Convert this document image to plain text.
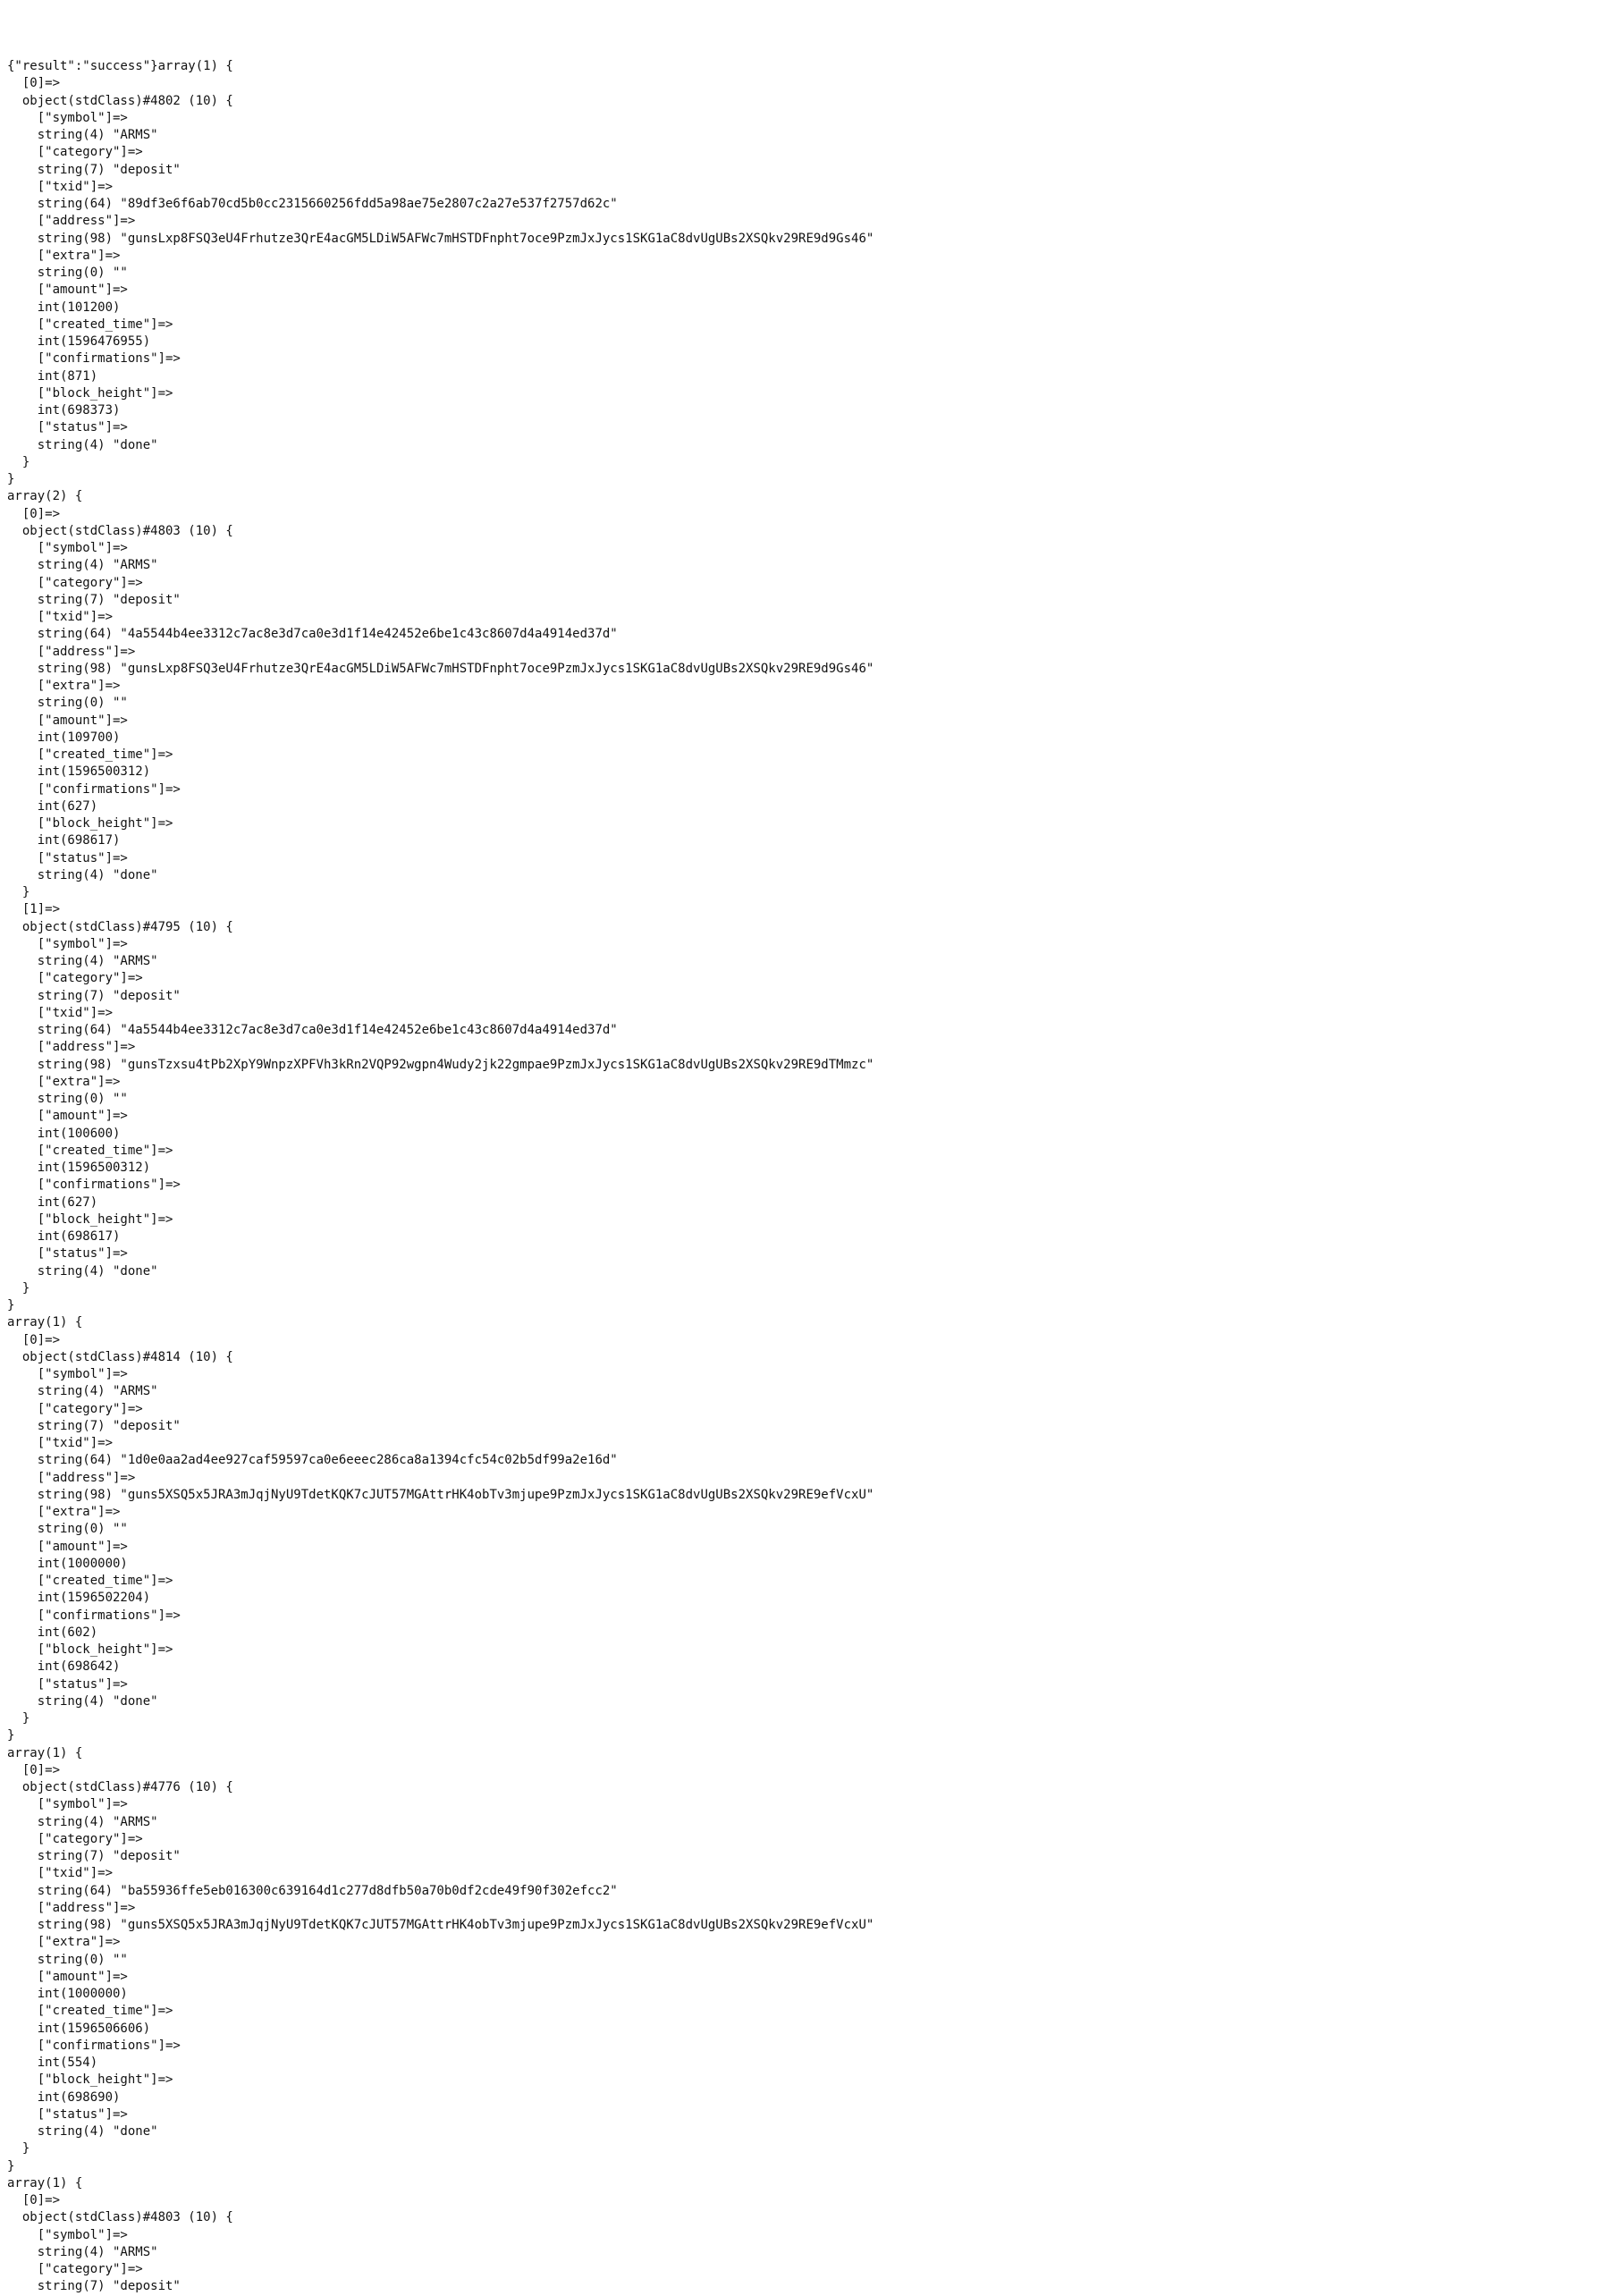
{"result":"success"}array(1) {
[0]=>
object(stdClass)#4802 (10) {
["symbol"]=>
string(4) "ARMS"
["category"]=>
string(7) "deposit"
["txid"]=>
string(64) "89df3e6f6ab70cd5b0cc2315660256fdd5a98ae75e2807c2a27e537f2757d62c"
["address"]=>
string(98) "gunsLxp8FSQ3eU4Frhutze3QrE4acGM5LDiW5AFWc7mHSTDFnpht7oce9PzmJxJycs1SKG1aC8dvUgUBs2XSQkv29RE9d9Gs46"
["extra"]=>
string(0) ""
["amount"]=>
int(101200)
["created_time"]=>
int(1596476955)
["confirmations"]=>
int(871)
["block_height"]=>
int(698373)
["status"]=>
string(4) "done"
}
}
array(2) {
[0]=>
object(stdClass)#4803 (10) {
["symbol"]=>
string(4) "ARMS"
["category"]=>
string(7) "deposit"
["txid"]=>
string(64) "4a5544b4ee3312c7ac8e3d7ca0e3d1f14e42452e6be1c43c8607d4a4914ed37d"
["address"]=>
string(98) "gunsLxp8FSQ3eU4Frhutze3QrE4acGM5LDiW5AFWc7mHSTDFnpht7oce9PzmJxJycs1SKG1aC8dvUgUBs2XSQkv29RE9d9Gs46"
["extra"]=>
string(0) ""
["amount"]=>
int(109700)
["created_time"]=>
int(1596500312)
["confirmations"]=>
int(627)
["block_height"]=>
int(698617)
["status"]=>
string(4) "done"
}
[1]=>
object(stdClass)#4795 (10) {
["symbol"]=>
string(4) "ARMS"
["category"]=>
string(7) "deposit"
["txid"]=>
string(64) "4a5544b4ee3312c7ac8e3d7ca0e3d1f14e42452e6be1c43c8607d4a4914ed37d"
["address"]=>
string(98) "gunsTzxsu4tPb2XpY9WnpzXPFVh3kRn2VQP92wgpn4Wudy2jk22gmpae9PzmJxJycs1SKG1aC8dvUgUBs2XSQkv29RE9dTMmzc"
["extra"]=>
string(0) ""
["amount"]=>
int(100600)
["created_time"]=>
int(1596500312)
["confirmations"]=>
int(627)
["block_height"]=>
int(698617)
["status"]=>
string(4) "done"
}
}
array(1) {
[0]=>
object(stdClass)#4814 (10) {
["symbol"]=>
string(4) "ARMS"
["category"]=>
string(7) "deposit"
["txid"]=>
string(64) "1d0e0aa2ad4ee927caf59597ca0e6eeec286ca8a1394cfc54c02b5df99a2e16d"
["address"]=>
string(98) "guns5XSQ5x5JRA3mJqjNyU9TdetKQK7cJUT57MGAttrHK4obTv3mjupe9PzmJxJycs1SKG1aC8dvUgUBs2XSQkv29RE9efVcxU"
["extra"]=>
string(0) ""
["amount"]=>
int(1000000)
["created_time"]=>
int(1596502204)
["confirmations"]=>
int(602)
["block_height"]=>
int(698642)
["status"]=>
string(4) "done"
}
}
array(1) {
[0]=>
object(stdClass)#4776 (10) {
["symbol"]=>
string(4) "ARMS"
["category"]=>
string(7) "deposit"
["txid"]=>
string(64) "ba55936ffe5eb016300c639164d1c277d8dfb50a70b0df2cde49f90f302efcc2"
["address"]=>
string(98) "guns5XSQ5x5JRA3mJqjNyU9TdetKQK7cJUT57MGAttrHK4obTv3mjupe9PzmJxJycs1SKG1aC8dvUgUBs2XSQkv29RE9efVcxU"
["extra"]=>
string(0) ""
["amount"]=>
int(1000000)
["created_time"]=>
int(1596506606)
["confirmations"]=>
int(554)
["block_height"]=>
int(698690)
["status"]=>
string(4) "done"
}
}
array(1) {
[0]=>
object(stdClass)#4803 (10) {
["symbol"]=>
string(4) "ARMS"
["category"]=>
string(7) "deposit"
